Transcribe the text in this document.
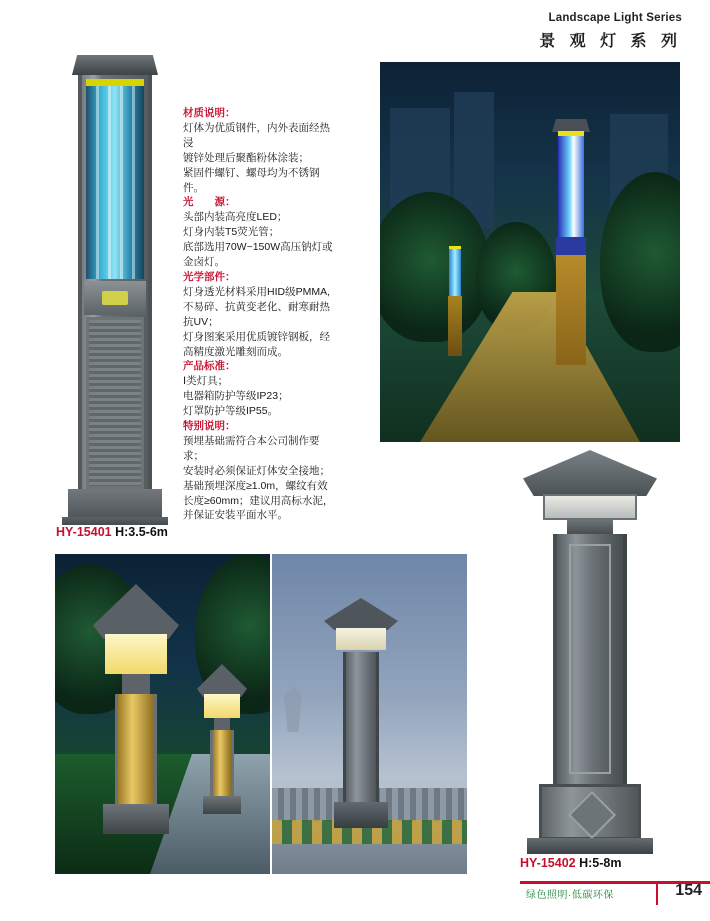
Landscape Light Series
景 观 灯 系 列

材质说明：

灯体为优质钢件，内外表面经热浸

镀锌处理后聚酯粉体涂装；

紧固件螺钉、螺母均为不锈钢件。

光　　源：

头部内装高亮度LED；

灯身内装T5荧光管；

底部选用70W~150W高压钠灯或

金卤灯。

光学部件：

灯身透光材料采用HID级PMMA,

不易碎、抗黄变老化、耐寒耐热

抗UV；

灯身图案采用优质镀锌钢板，经

高精度激光雕刻而成。

产品标准：

Ⅰ类灯具；

电器箱防护等级IP23；

灯罩防护等级IP55。

特别说明：

预埋基础需符合本公司制作要求；

安装时必须保证灯体安全接地；

基础预埋深度≥1.0m，螺纹有效

长度≥60mm；建议用高标水泥，

并保证安装平面水平。

HY-15401 H:3.5-6m
HY-15402 H:5-8m
绿色照明·低碳环保	154
